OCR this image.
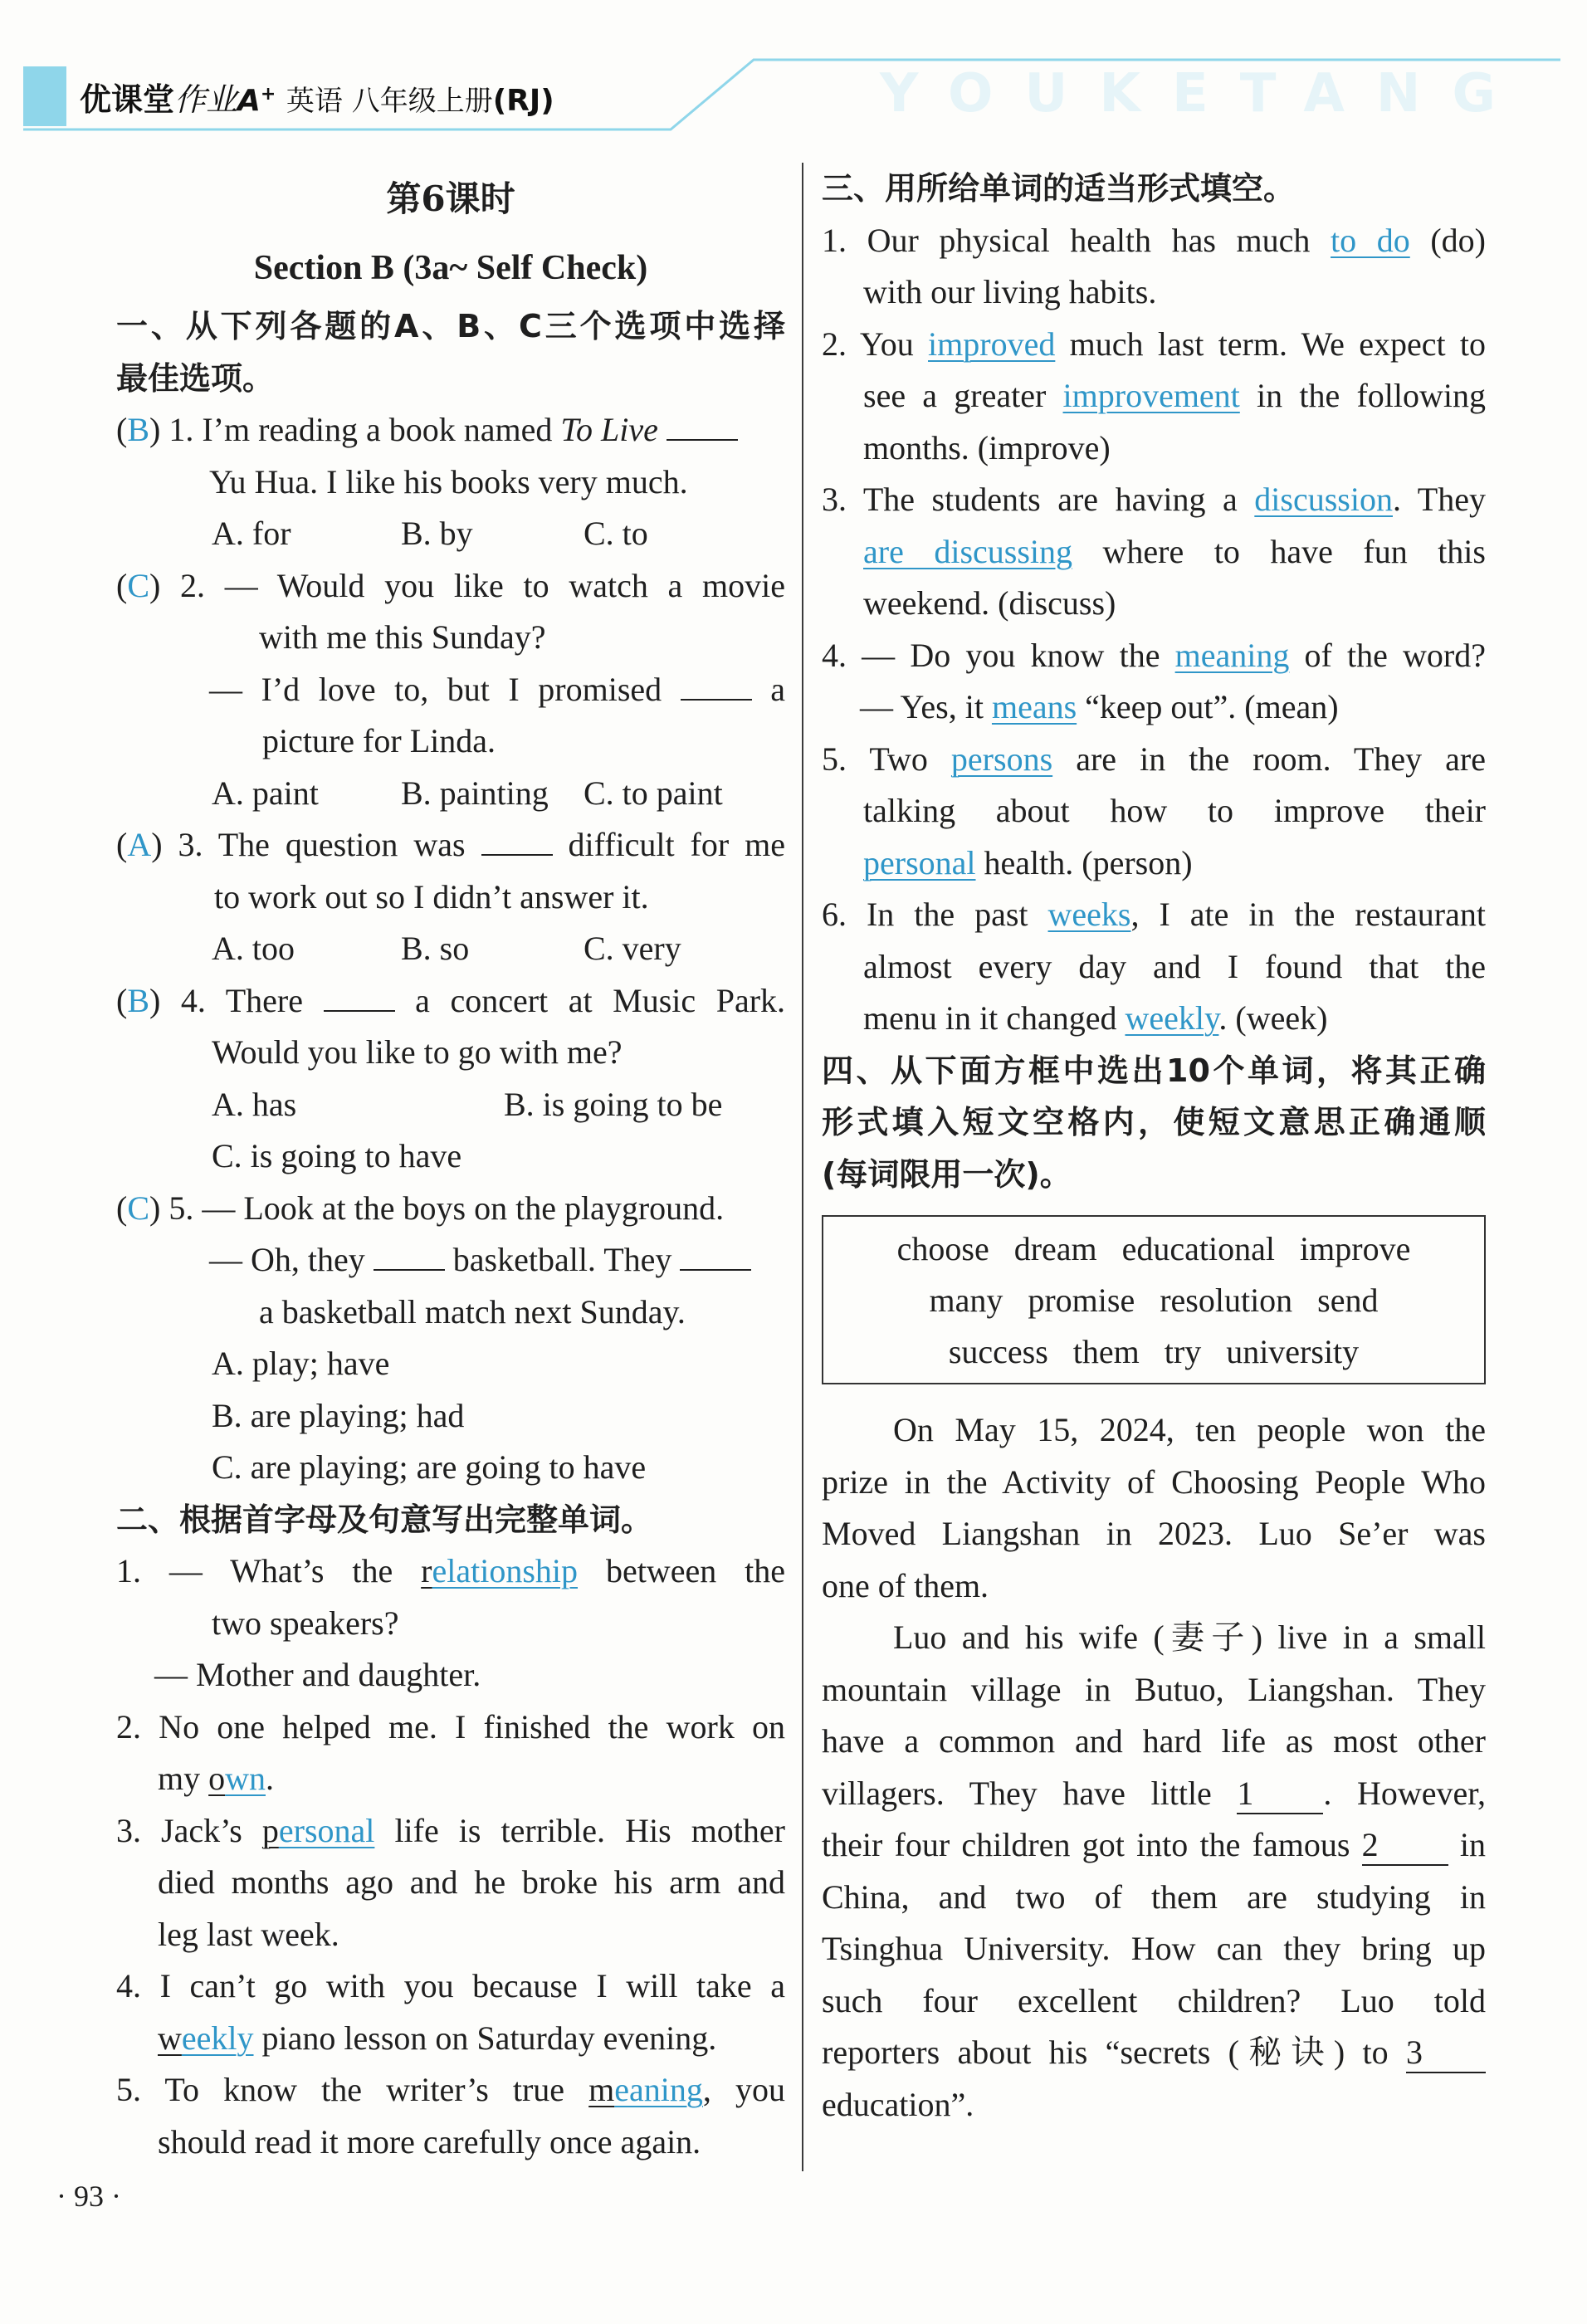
优课堂作业A+ 英语 八年级上册(RJ)	YOUKETANG
第6课时
Section B (3a~ Self Check)
一、从下列各题的A、B、C三个选项中选择
最佳选项。
(B) 1. I’m reading a book named To Live
Yu Hua. I like his books very much.
A. for	B. by	C. to
(C) 2. — Would you like to watch a movie
with me this Sunday?
— I’d love to, but I promised	a
picture for Linda.
A. paint	B. painting	C. to paint
(A) 3. The question was	difficult for me
to work out so I didn’t answer it.
A. too	B. so	C. very
(B) 4. There	a concert at Music Park.
Would you like to go with me?
A. has	B. is going to be
C. is going to have
(C) 5. — Look at the boys on the playground.
— Oh, they	basketball. They
a basketball match next Sunday.
A. play; have
B. are playing; had
C. are playing; are going to have
二、根据首字母及句意写出完整单词。
1. — What’s the relationship between the
two speakers?
— Mother and daughter.
2. No one helped me. I finished the work on
my own.
3. Jack’s personal life is terrible. His mother
died months ago and he broke his arm and
leg last week.
4. I can’t go with you because I will take a
weekly piano lesson on Saturday evening.
5. To know the writer’s true meaning, you
should read it more carefully once again.
三、用所给单词的适当形式填空。
1. Our physical health has much to do (do)
with our living habits.
2. You improved much last term. We expect to
see a greater improvement in the following
months. (improve)
3. The students are having a discussion. They
are discussing where to have fun this
weekend. (discuss)
4. — Do you know the meaning of the word?
— Yes, it means “keep out”. (mean)
5. Two persons are in the room. They are
talking about how to improve their
personal health. (person)
6. In the past weeks, I ate in the restaurant
almost every day and I found that the
menu in it changed weekly. (week)
四、从下面方框中选出10个单词，将其正确
形式填入短文空格内，使短文意思正确通顺
(每词限用一次)。
choose   dream   educational   improve
many   promise   resolution   send
success   them   try   university
On May 15, 2024, ten people won the
prize in the Activity of Choosing People Who
Moved Liangshan in 2023. Luo Se’er was
one of them.
Luo and his wife (妻子) live in a small
mountain village in Butuo, Liangshan. They
have a common and hard life as most other
villagers. They have little 1 . However,
their four children got into the famous 2 in
China, and two of them are studying in
Tsinghua University. How can they bring up
such four excellent children? Luo told
reporters about his “secrets (秘诀) to 3
education”.
· 93 ·
